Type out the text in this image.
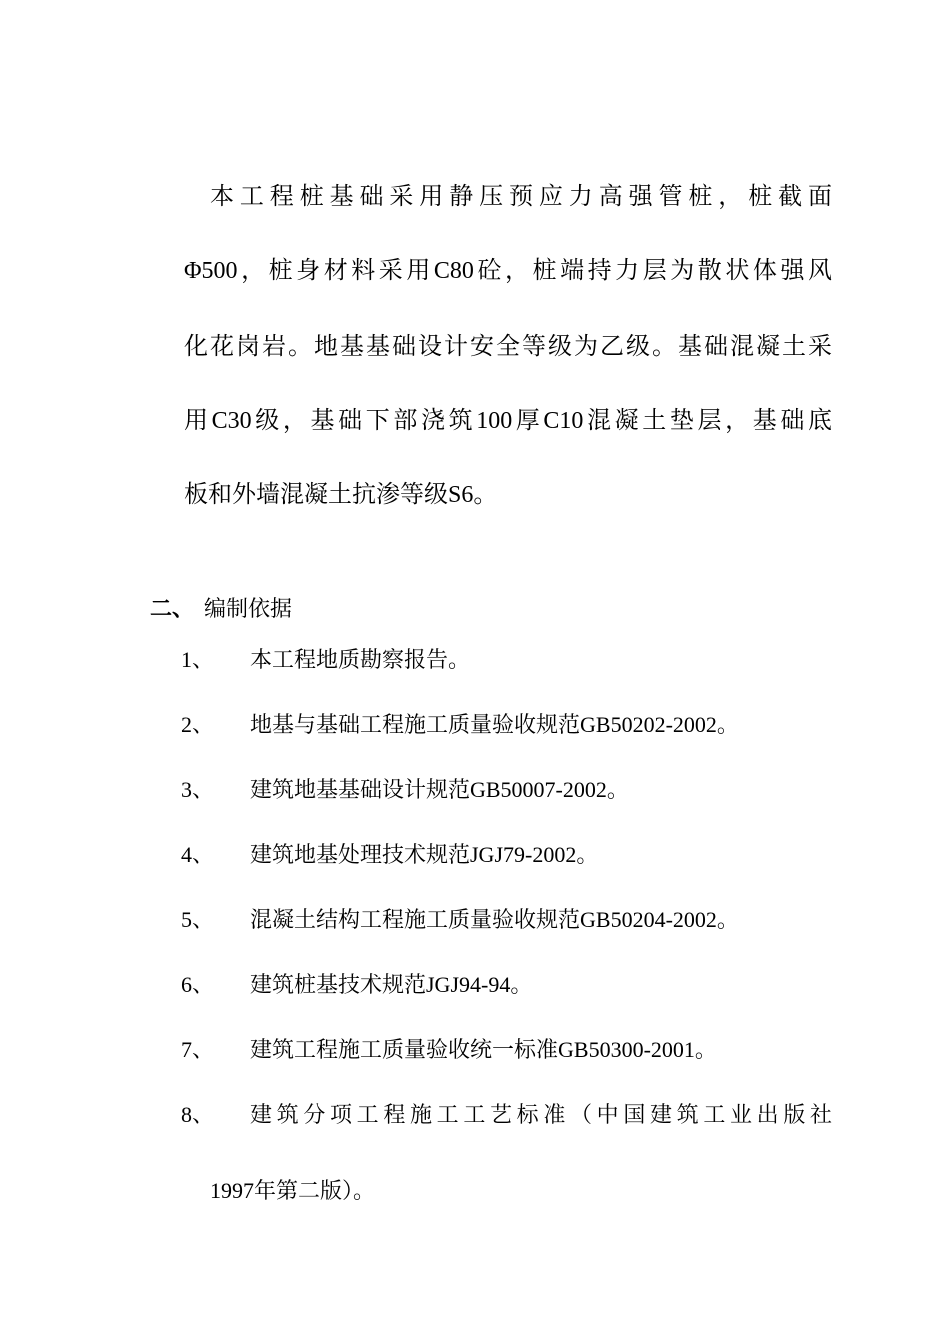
本工程桩基础采用静压预应力高强管桩，桩截面
Φ500，桩身材料采用C80砼，桩端持力层为散状体强风
化花岗岩。地基基础设计安全等级为乙级。基础混凝土采
用C30级，基础下部浇筑100厚C10混凝土垫层，基础底
板和外墙混凝土抗渗等级S6。
二、 编制依据
1、 本工程地质勘察报告。
2、 地基与基础工程施工质量验收规范GB50202-2002。
3、 建筑地基基础设计规范GB50007-2002。
4、 建筑地基处理技术规范JGJ79-2002。
5、 混凝土结构工程施工质量验收规范GB50204-2002。
6、 建筑桩基技术规范JGJ94-94。
7、 建筑工程施工质量验收统一标准GB50300-2001。
8、 建筑分项工程施工工艺标准（中国建筑工业出版社
1997年第二版）。
